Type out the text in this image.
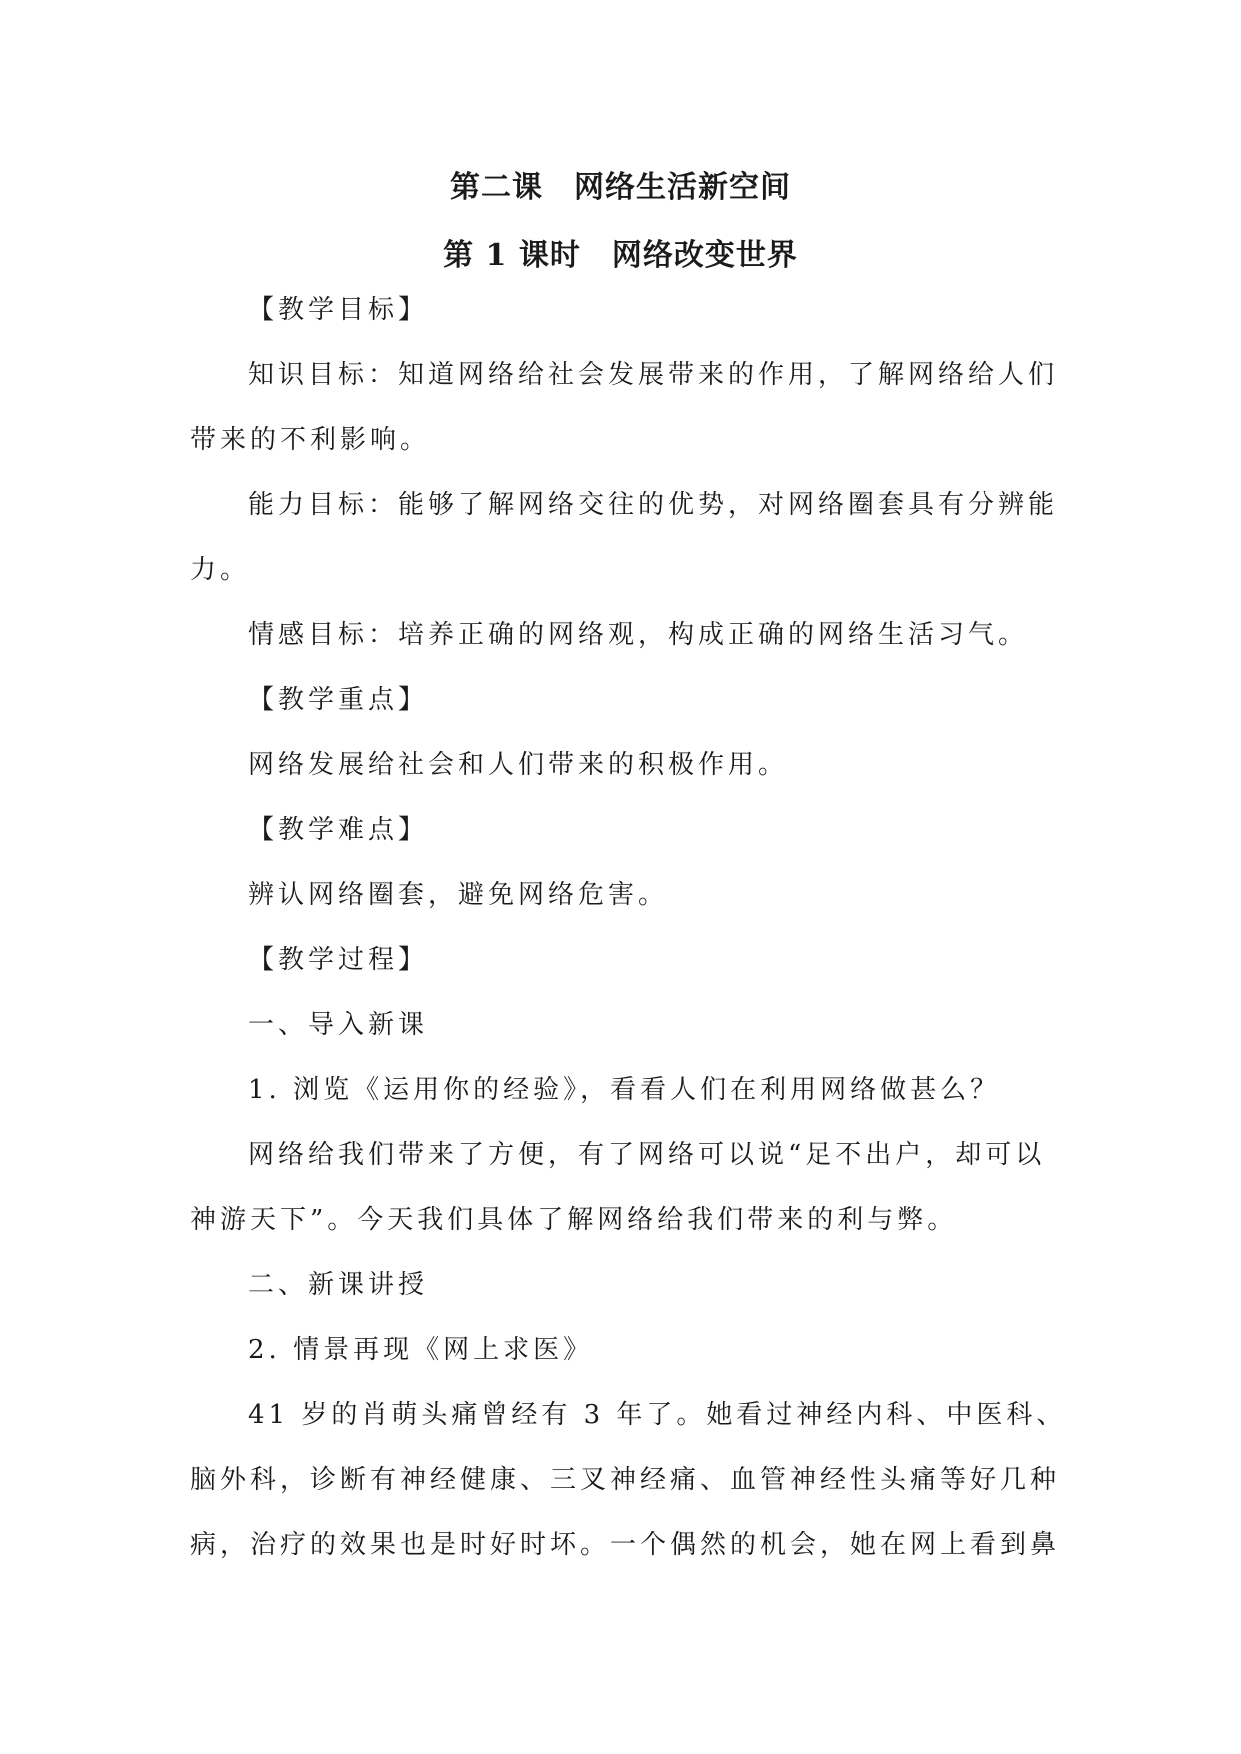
第二课　网络生活新空间
第 1 课时　网络改变世界
【教学目标】
知识目标：知道网络给社会发展带来的作用，了解网络给人们
带来的不利影响。
能力目标：能够了解网络交往的优势，对网络圈套具有分辨能
力。
情感目标：培养正确的网络观，构成正确的网络生活习气。
【教学重点】
网络发展给社会和人们带来的积极作用。
【教学难点】
辨认网络圈套，避免网络危害。
【教学过程】
一、导入新课
1. 浏览《运用你的经验》，看看人们在利用网络做甚么？
网络给我们带来了方便，有了网络可以说“足不出户，却可以
神游天下”。今天我们具体了解网络给我们带来的利与弊。
二、新课讲授
2. 情景再现《网上求医》
41 岁的肖萌头痛曾经有 3 年了。她看过神经内科、中医科、
脑外科，诊断有神经健康、三叉神经痛、血管神经性头痛等好几种
病，治疗的效果也是时好时坏。一个偶然的机会，她在网上看到鼻
